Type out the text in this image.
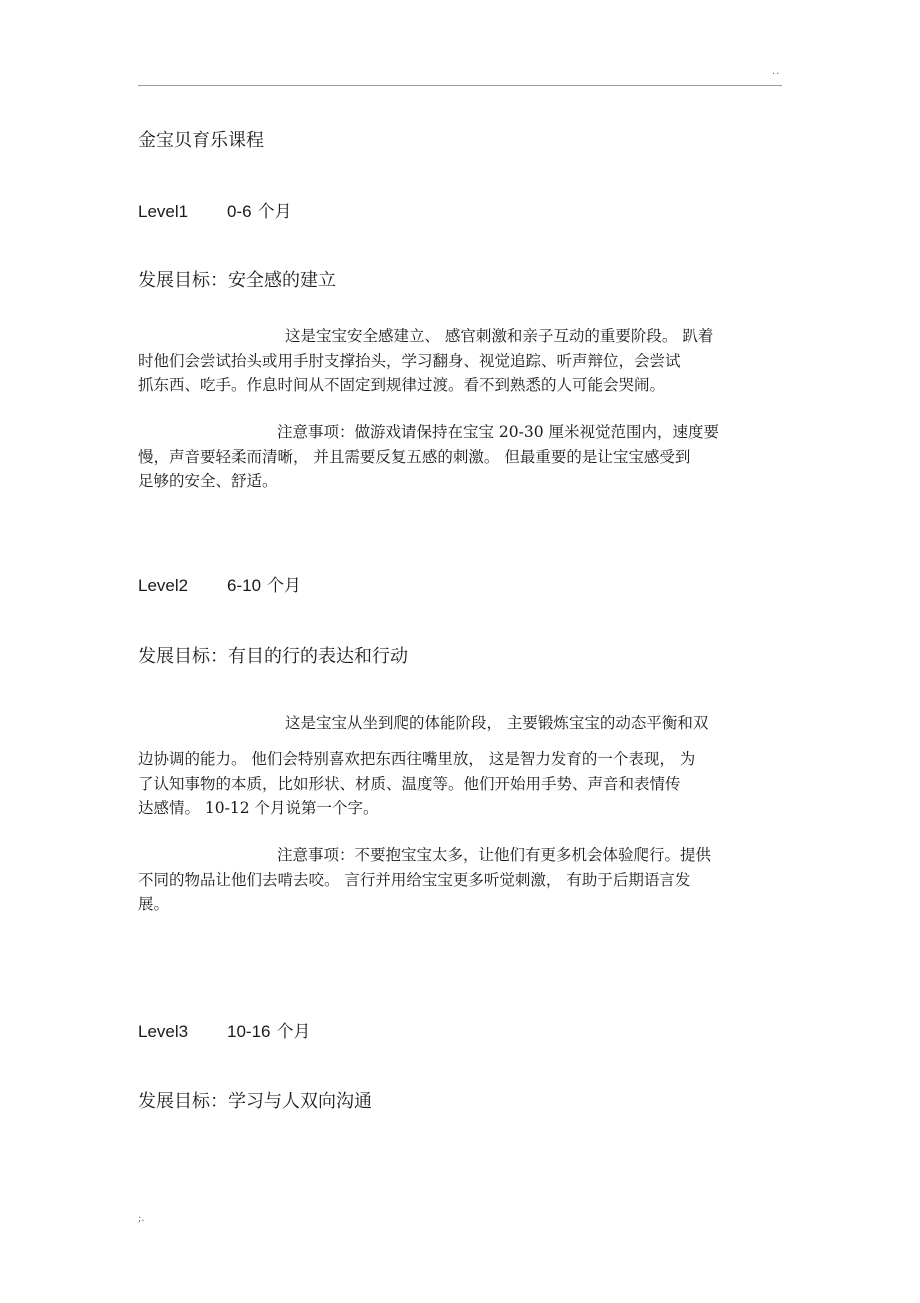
..
金宝贝育乐课程
Level1 0-6 个月
发展目标：安全感的建立
这是宝宝安全感建立、 感官刺激和亲子互动的重要阶段。 趴着
时他们会尝试抬头或用手肘支撑抬头，学习翻身、视觉追踪、听声辩位，会尝试
抓东西、吃手。作息时间从不固定到规律过渡。看不到熟悉的人可能会哭闹。
注意事项：做游戏请保持在宝宝 20-30 厘米视觉范围内，速度要
慢，声音要轻柔而清晰， 并且需要反复五感的刺激。 但最重要的是让宝宝感受到
足够的安全、舒适。
Level2 6-10 个月
发展目标：有目的行的表达和行动
这是宝宝从坐到爬的体能阶段， 主要锻炼宝宝的动态平衡和双
边协调的能力。 他们会特别喜欢把东西往嘴里放， 这是智力发育的一个表现， 为
了认知事物的本质，比如形状、材质、温度等。他们开始用手势、声音和表情传
达感情。 10-12 个月说第一个字。
注意事项：不要抱宝宝太多，让他们有更多机会体验爬行。提供
不同的物品让他们去啃去咬。 言行并用给宝宝更多听觉刺激， 有助于后期语言发
展。
Level3 10-16 个月
发展目标：学习与人双向沟通
;.
